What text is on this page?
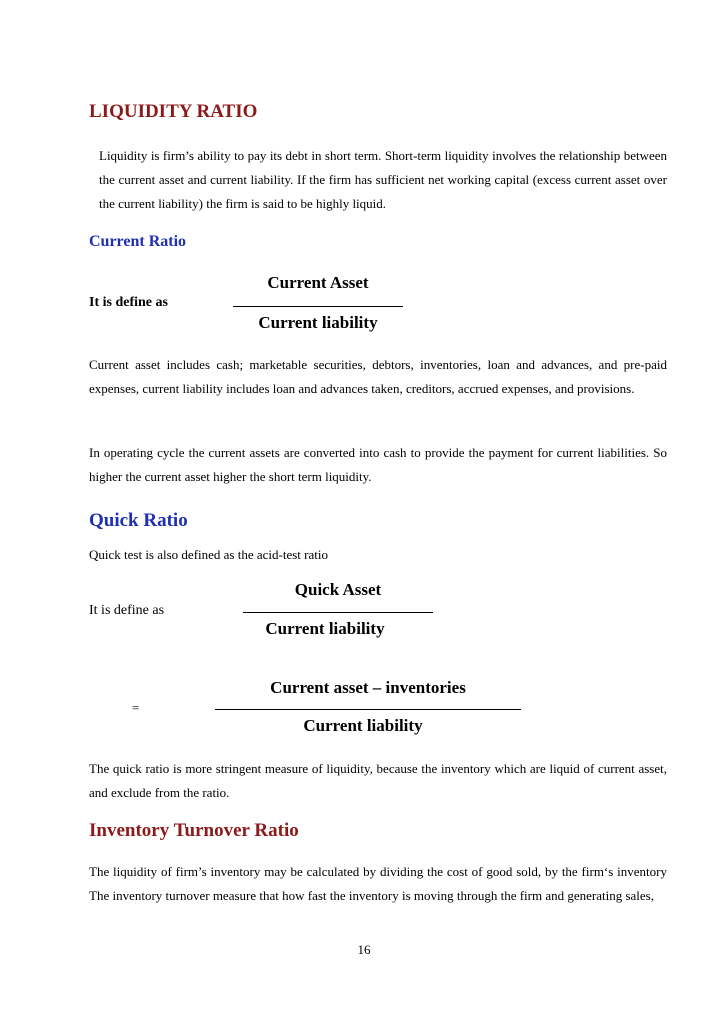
LIQUIDITY RATIO
Liquidity is firm’s ability to pay its debt in short term. Short-term liquidity involves the relationship between the current asset and current liability. If the firm has sufficient net working capital (excess current asset over the current liability) the firm is said to be highly liquid.
Current Ratio
It is define as
Current Asset
Current liability
Current asset includes cash; marketable securities, debtors, inventories, loan and advances, and pre-paid expenses, current liability includes loan and advances taken, creditors, accrued expenses, and provisions.
In operating cycle the current assets are converted into cash to provide the payment for current liabilities. So higher the current asset higher the short term liquidity.
Quick Ratio
Quick test is also defined as the acid-test ratio
It is define as
Quick Asset
Current liability
=
Current asset – inventories
Current liability
The quick ratio is more stringent measure of liquidity, because the inventory which are liquid of current asset, and exclude from the ratio.
Inventory Turnover Ratio
The liquidity of firm’s inventory may be calculated by dividing the cost of good sold, by the firm‘s inventory The inventory turnover measure that how fast the inventory is moving through the firm and generating sales,
16
